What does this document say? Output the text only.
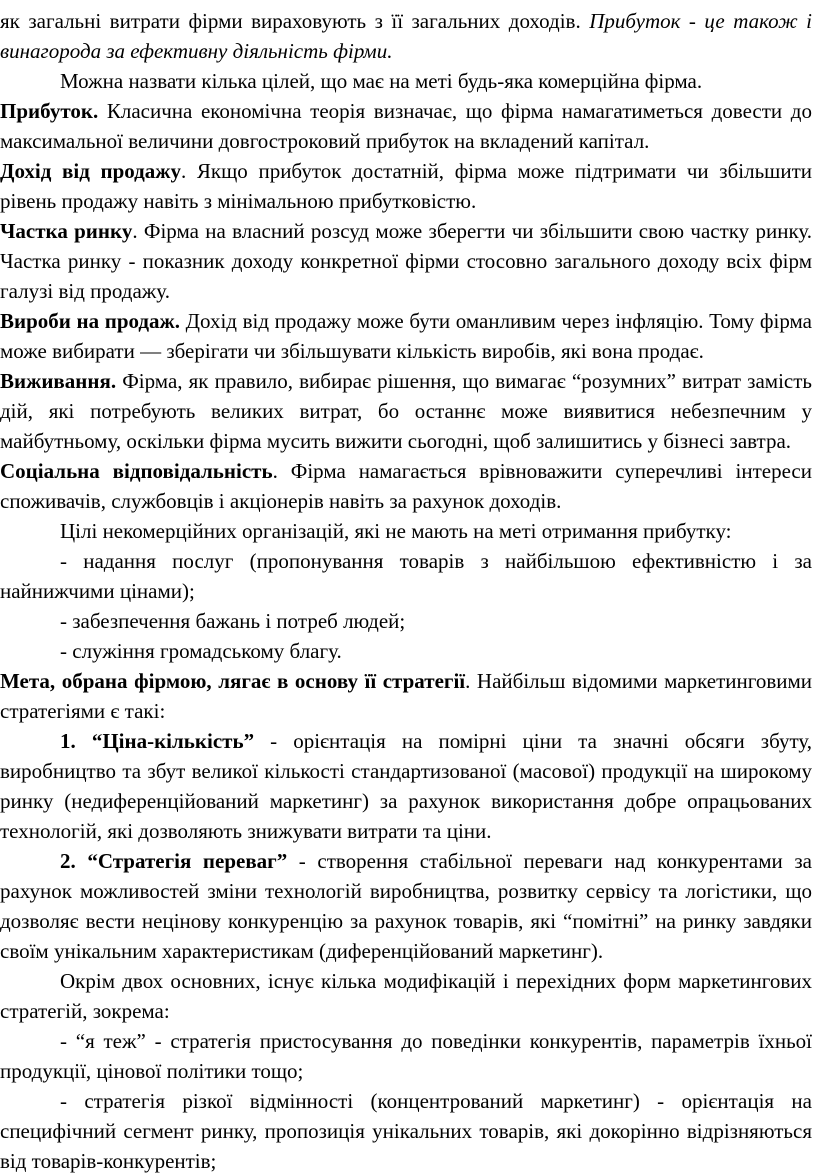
як загальні витрати фірми вираховують з її загальних доходів. Прибуток - це також і винагорода за ефективну діяльність фірми.

Можна назвати кілька цілей, що має на меті будь-яка комерційна фірма.

Прибуток. Класична економічна теорія визначає, що фірма намагатиметься довести до максимальної величини довгостроковий прибуток на вкладений капітал.

Дохід від продажу. Якщо прибуток достатній, фірма може підтримати чи збільшити рівень продажу навіть з мінімальною прибутковістю.

Частка ринку. Фірма на власний розсуд може зберегти чи збільшити свою частку ринку. Частка ринку - показник доходу конкретної фірми стосовно загального доходу всіх фірм галузі від продажу.

Вироби на продаж. Дохід від продажу може бути оманливим через інфляцію. Тому фірма може вибирати — зберігати чи збільшувати кількість виробів, які вона продає.

Виживання. Фірма, як правило, вибирає рішення, що вимагає “розумних” витрат замість дій, які потребують великих витрат, бо останнє може виявитися небезпечним у майбутньому, оскільки фірма мусить вижити сьогодні, щоб залишитись у бізнесі завтра.

Соціальна відповідальність. Фірма намагається врівноважити суперечливі інтереси споживачів, службовців і акціонерів навіть за рахунок доходів.

Цілі некомерційних організацій, які не мають на меті отримання прибутку:

- надання послуг (пропонування товарів з найбільшою ефективністю і за найнижчими цінами);

- забезпечення бажань і потреб людей;

- служіння громадському благу.

Мета, обрана фірмою, лягає в основу її стратегії. Найбільш відомими маркетинговими стратегіями є такі:

1. “Ціна-кількість” - орієнтація на помірні ціни та значні обсяги збуту, виробництво та збут великої кількості стандартизованої (масової) продукції на широкому ринку (недиференційований маркетинг) за рахунок використання добре опрацьованих технологій, які дозволяють знижувати витрати та ціни.

2. “Стратегія переваг” - створення стабільної переваги над конкурентами за рахунок можливостей зміни технологій виробництва, розвитку сервісу та логістики, що дозволяє вести нецінову конкуренцію за рахунок товарів, які “помітні” на ринку завдяки своїм унікальним характеристикам (диференційований маркетинг).

Окрім двох основних, існує кілька модифікацій і перехідних форм маркетингових стратегій, зокрема:

- “я теж” - стратегія пристосування до поведінки конкурентів, параметрів їхньої продукції, цінової політики тощо;

- стратегія різкої відмінності (концентрований маркетинг) - орієнтація на специфічний сегмент ринку, пропозиція унікальних товарів, які докорінно відрізняються від товарів-конкурентів;
